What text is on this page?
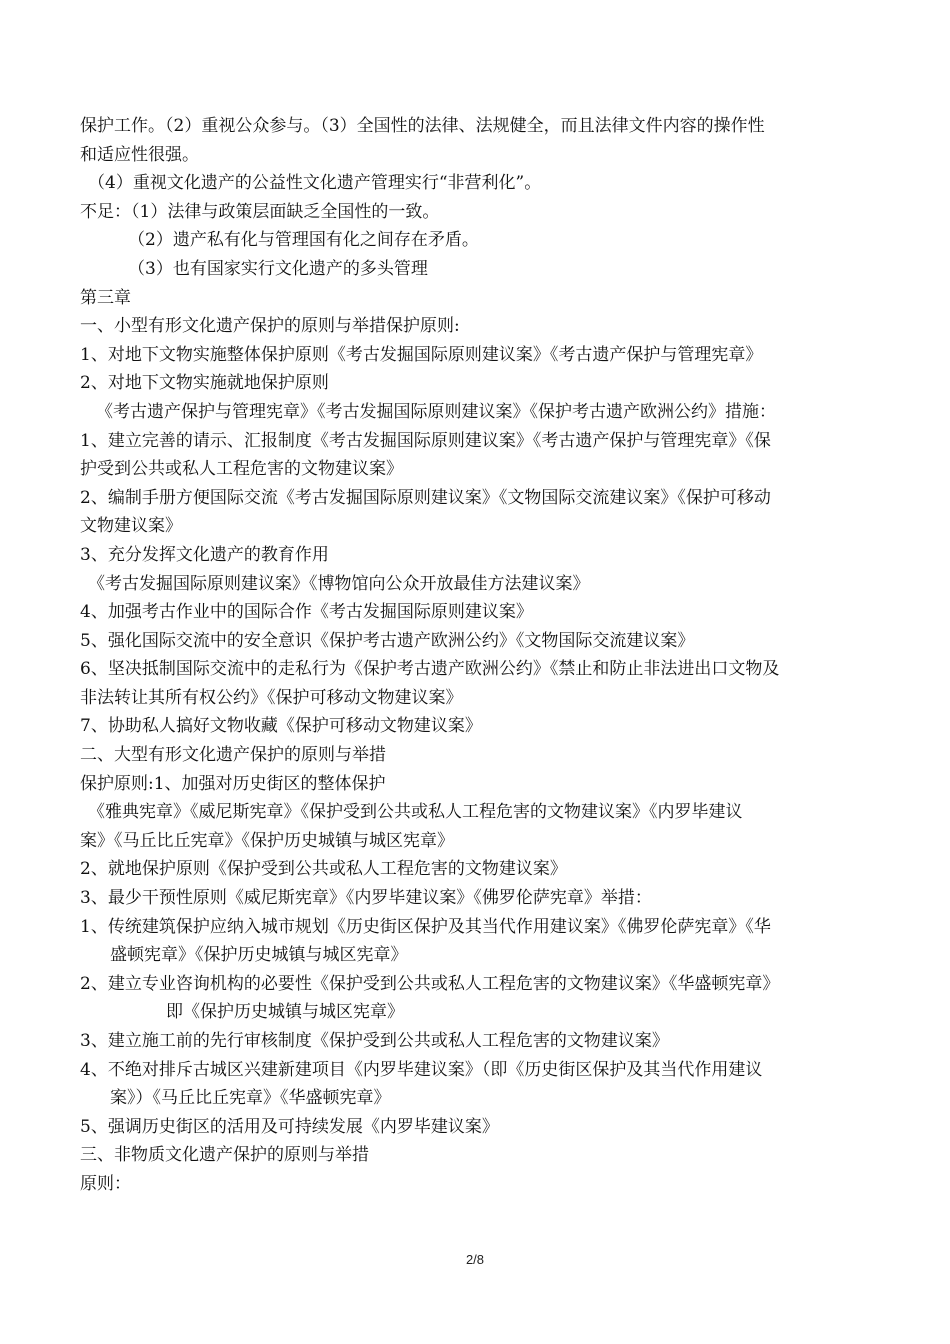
保护工作。（2）重视公众参与。（3）全国性的法律、法规健全，而且法律文件内容的操作性
和适应性很强。
（4）重视文化遗产的公益性文化遗产管理实行“非营利化”。
不足：（1）法律与政策层面缺乏全国性的一致。
（2）遗产私有化与管理国有化之间存在矛盾。
（3）也有国家实行文化遗产的多头管理
第三章
一、小型有形文化遗产保护的原则与举措保护原则:
1、对地下文物实施整体保护原则《考古发掘国际原则建议案》《考古遗产保护与管理宪章》
2、对地下文物实施就地保护原则
《考古遗产保护与管理宪章》《考古发掘国际原则建议案》《保护考古遗产欧洲公约》措施：
1、建立完善的请示、汇报制度《考古发掘国际原则建议案》《考古遗产保护与管理宪章》《保
护受到公共或私人工程危害的文物建议案》
2、编制手册方便国际交流《考古发掘国际原则建议案》《文物国际交流建议案》《保护可移动
文物建议案》
3、充分发挥文化遗产的教育作用
《考古发掘国际原则建议案》《博物馆向公众开放最佳方法建议案》
4、加强考古作业中的国际合作《考古发掘国际原则建议案》
5、强化国际交流中的安全意识《保护考古遗产欧洲公约》《文物国际交流建议案》
6、坚决抵制国际交流中的走私行为《保护考古遗产欧洲公约》《禁止和防止非法进出口文物及
非法转让其所有权公约》《保护可移动文物建议案》
7、协助私人搞好文物收藏《保护可移动文物建议案》
二、大型有形文化遗产保护的原则与举措
保护原则:1、加强对历史街区的整体保护
《雅典宪章》《威尼斯宪章》《保护受到公共或私人工程危害的文物建议案》《内罗毕建议
案》《马丘比丘宪章》《保护历史城镇与城区宪章》
2、就地保护原则《保护受到公共或私人工程危害的文物建议案》
3、最少干预性原则《威尼斯宪章》《内罗毕建议案》《佛罗伦萨宪章》举措：
1、传统建筑保护应纳入城市规划《历史街区保护及其当代作用建议案》《佛罗伦萨宪章》《华
盛顿宪章》《保护历史城镇与城区宪章》
2、建立专业咨询机构的必要性《保护受到公共或私人工程危害的文物建议案》《华盛顿宪章》
即《保护历史城镇与城区宪章》
3、建立施工前的先行审核制度《保护受到公共或私人工程危害的文物建议案》
4、不绝对排斥古城区兴建新建项目《内罗毕建议案》（即《历史街区保护及其当代作用建议
案》）《马丘比丘宪章》《华盛顿宪章》
5、强调历史街区的活用及可持续发展《内罗毕建议案》
三、非物质文化遗产保护的原则与举措
原则：
2/8
